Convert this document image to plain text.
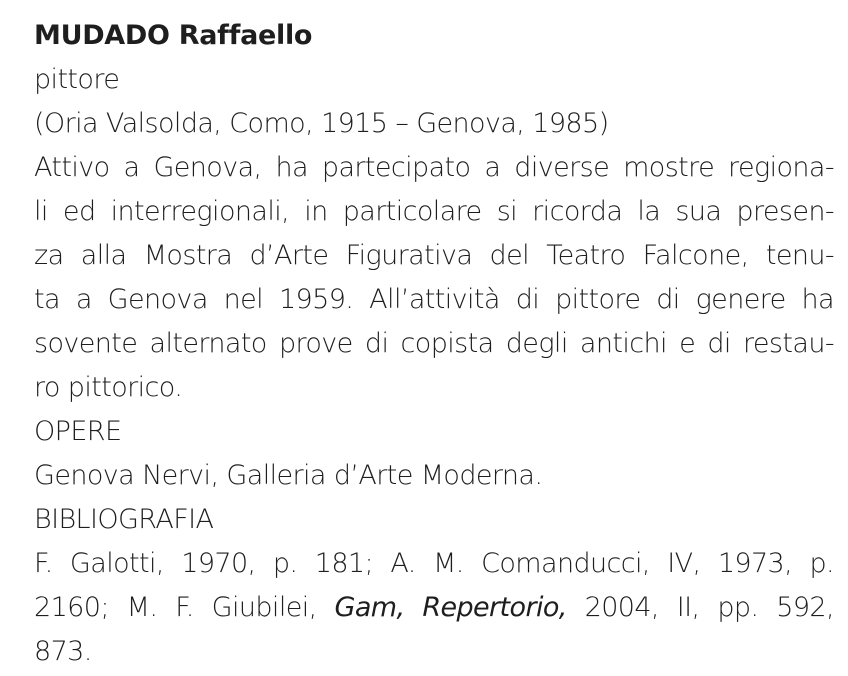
MUDADO Raffaello
pittore
(Oria Valsolda, Como, 1915 – Genova, 1985)
Attivo a Genova, ha partecipato a diverse mostre regiona-
li ed interregionali, in particolare si ricorda la sua presen-
za alla Mostra d’Arte Figurativa del Teatro Falcone, tenu-
ta a Genova nel 1959. All’attività di pittore di genere ha
sovente alternato prove di copista degli antichi e di restau-
ro pittorico.
OPERE
Genova Nervi, Galleria d’Arte Moderna.
BIBLIOGRAFIA
F. Galotti, 1970, p. 181; A. M. Comanducci, IV, 1973, p.
2160; M. F. Giubilei, Gam, Repertorio, 2004, II, pp. 592,
873.
